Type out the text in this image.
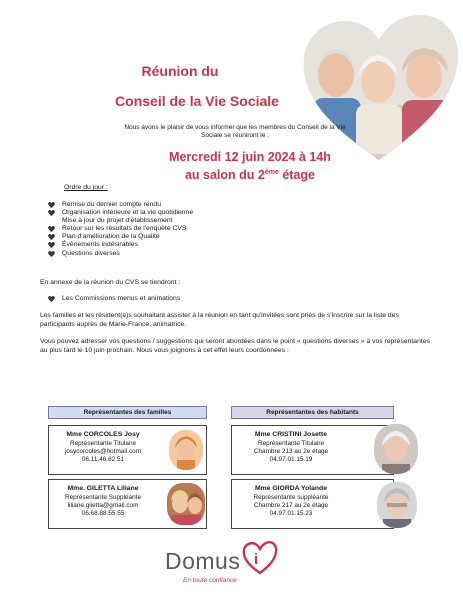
Réunion du
Conseil de la Vie Sociale
Nous avons le plaisir de vous informer que les membres du Conseil de la Vie Sociale se réuniront le :
Mercredi 12 juin 2024 à 14h
au salon du 2ème étage
Ordre du jour :
Remise du dernier compte rendu
Organisation intérieure et la vie quotidienne
Mise à jour du projet d'établissement
Retour sur les résultats de l'enquête CVS
Plan d'amélioration de la Qualité
Évènements indésirables
Questions diverses
En annexe de la réunion du CVS se tiendront :
Les Commissions menus et animations
Les familles et les résident(e)s souhaitant assister à la réunion en tant qu'invitées sont priés de s'inscrire sur la liste des participants auprès de Marie-France, animatrice.
Vous pouvez adresser vos questions / suggestions qui seront abordées dans le point « questions diverses » à vos représentantes au plus tard le 10 juin prochain. Nous vous joignons à cet effet leurs coordonnées :
Représentantes des familles	Représentantes des habitants
Mme CORCOLES Josy
Représentante Titulaire
josycorcoles@hotmail.com
06.11.46.82.51
Mme. GILETTA Liliane
Représentante Suppléante
liliane.giletta@gmail.com
06.68.88.55.55
Mme CRISTINI Josette
Représentante Titulaire
Chambre 213 au 2e étage
04.97.01.15.19
Mme GIORDA Yolande
Représentante suppléante
Chambre 217 au 2e étage
04.97.01.15.23
Domus i
En toute confiance
